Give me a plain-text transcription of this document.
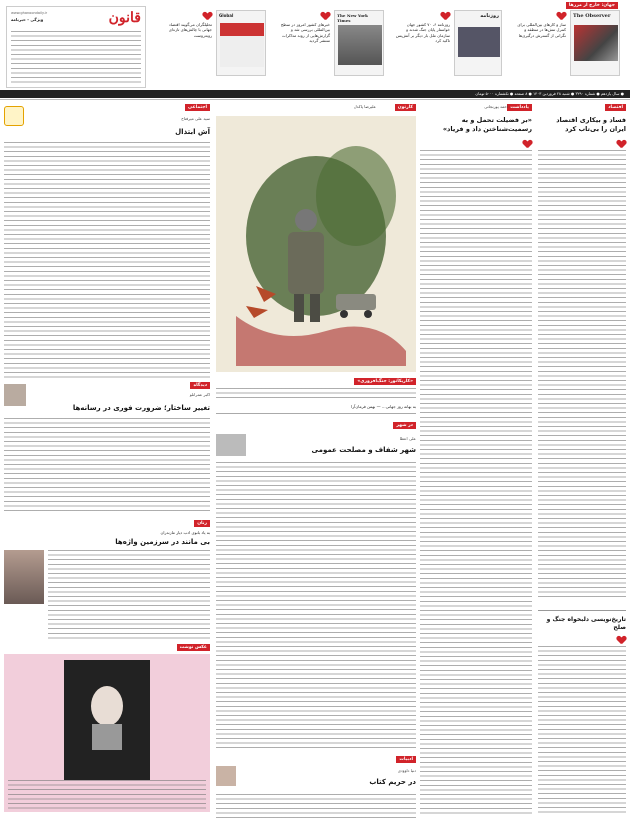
قانون
www.ghanoondaily.ir
ویژگی - خبرنامه
● سال یازدهم ● شماره ۳۲۹۰ ● شنبه ۲۸ فروردین ۱۴۰۳ ● ۸ صفحه ● تکشماره ۵۰۰۰ تومان
جهان: خارج از مرزها
The Observer
ساز و کارهای بین‌المللی برای کنترل تنش‌ها در منطقه و نگرانی از گسترش درگیری‌ها
روزنامه
روزنامه ۶، ۷۰ کشور جهان خواستار پایان جنگ شدند و سازمان ملل بار دیگر بر آتش‌بس تاکید کرد
The New York Times
خبرهای کشور امروز در سطح بین‌المللی بررسی شد و گزارش‌هایی از روند مذاکرات منتشر گردید
Global
تحلیلگران می‌گویند اقتصاد جهانی با چالش‌های تازه‌ای روبه‌روست
اقتصاد
فساد و بیکاری اقتصاد ایران را بی‌تاب کرد
تاریخ‌نویسی دلبخواه جنگ و صلح
یادداشت
احمد پورنجاتی
«بر فضیلت تحمل و به رسمیت‌شناختن داد و فریاد»
کارتون
علیرضا پاکدل
«کاریکاتور: جنگ‌افروزی»
به بهانه روز جهانی... — بهمن فرمان‌آرا
در شهر
علی اعطا
شهر شفاف و مصلحت عمومی
ادبیات
دنیا داوودی
در حریم کتاب
اجتماعی
سید علی میرفتاح
آش ابتذال
دیدگاه
اکبر عمرانلو
تغییر ساختار؛ ضرورت فوری در رسانه‌ها
زنان
به یاد بانوی ادب دیار مازندران
بی مانند در سرزمین واژه‌ها
عکس نوشت
